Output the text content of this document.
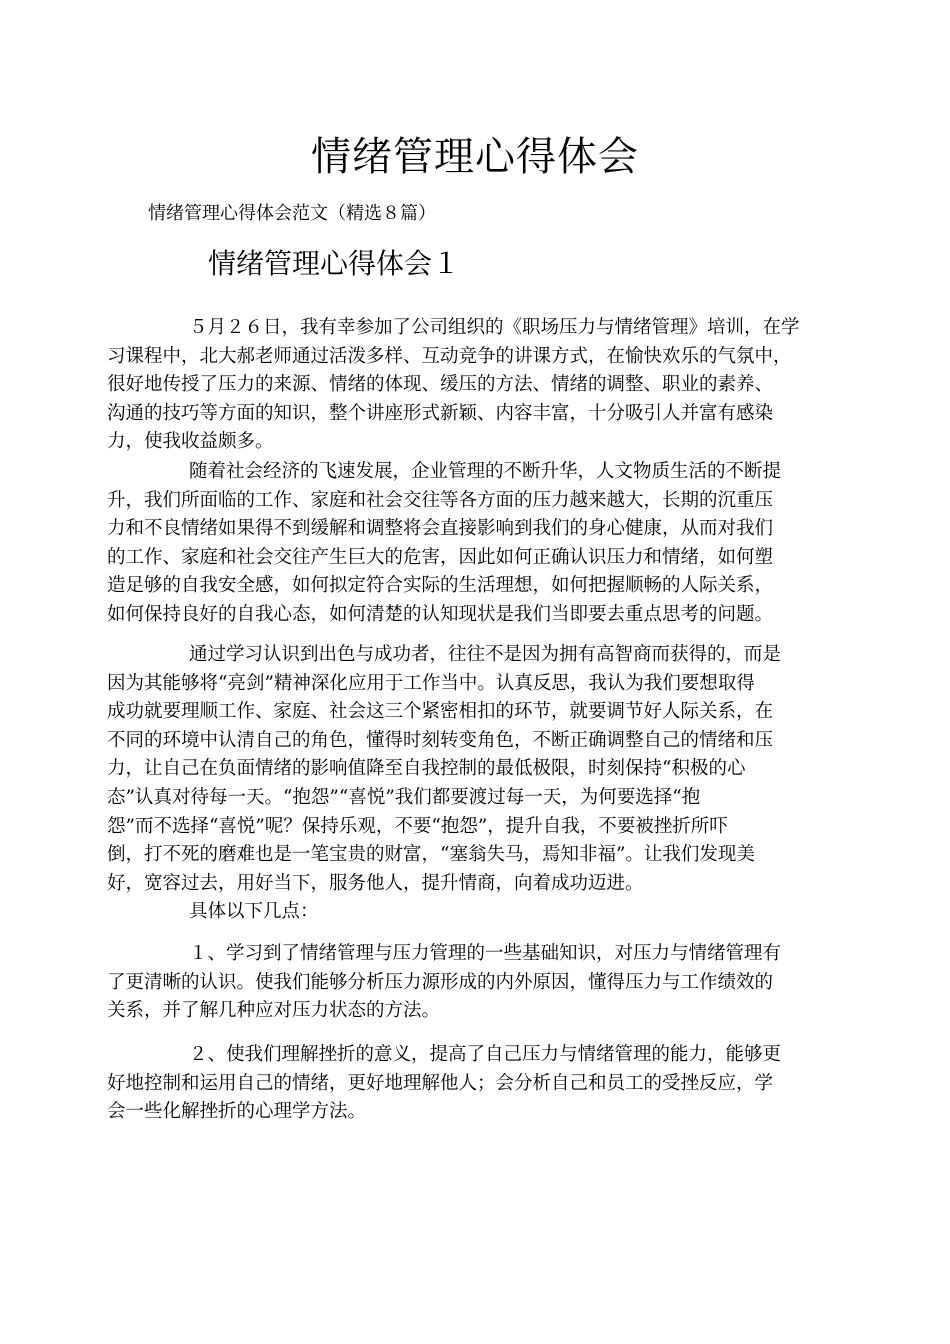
情绪管理心得体会
情绪管理心得体会范文（精选８篇）
情绪管理心得体会１
５月２６日，我有幸参加了公司组织的《职场压力与情绪管理》培训，在学
习课程中，北大郝老师通过活泼多样、互动竞争的讲课方式，在愉快欢乐的气氛中，
很好地传授了压力的来源、情绪的体现、缓压的方法、情绪的调整、职业的素养、
沟通的技巧等方面的知识，整个讲座形式新颖、内容丰富，十分吸引人并富有感染
力，使我收益颇多。
随着社会经济的飞速发展，企业管理的不断升华，人文物质生活的不断提
升，我们所面临的工作、家庭和社会交往等各方面的压力越来越大，长期的沉重压
力和不良情绪如果得不到缓解和调整将会直接影响到我们的身心健康，从而对我们
的工作、家庭和社会交往产生巨大的危害，因此如何正确认识压力和情绪，如何塑
造足够的自我安全感，如何拟定符合实际的生活理想，如何把握顺畅的人际关系，
如何保持良好的自我心态，如何清楚的认知现状是我们当即要去重点思考的问题。
通过学习认识到出色与成功者，往往不是因为拥有高智商而获得的，而是
因为其能够将“亮剑”精神深化应用于工作当中。认真反思，我认为我们要想取得
成功就要理顺工作、家庭、社会这三个紧密相扣的环节，就要调节好人际关系，在
不同的环境中认清自己的角色，懂得时刻转变角色，不断正确调整自己的情绪和压
力，让自己在负面情绪的影响值降至自我控制的最低极限，时刻保持“积极的心
态”认真对待每一天。“抱怨”“喜悦”我们都要渡过每一天，为何要选择“抱
怨”而不选择“喜悦”呢？保持乐观，不要“抱怨”，提升自我，不要被挫折所吓
倒，打不死的磨难也是一笔宝贵的财富，“塞翁失马，焉知非福”。让我们发现美
好，宽容过去，用好当下，服务他人，提升情商，向着成功迈进。
具体以下几点：
１、学习到了情绪管理与压力管理的一些基础知识，对压力与情绪管理有
了更清晰的认识。使我们能够分析压力源形成的内外原因，懂得压力与工作绩效的
关系，并了解几种应对压力状态的方法。
２、使我们理解挫折的意义，提高了自己压力与情绪管理的能力，能够更
好地控制和运用自己的情绪，更好地理解他人；会分析自己和员工的受挫反应，学
会一些化解挫折的心理学方法。
